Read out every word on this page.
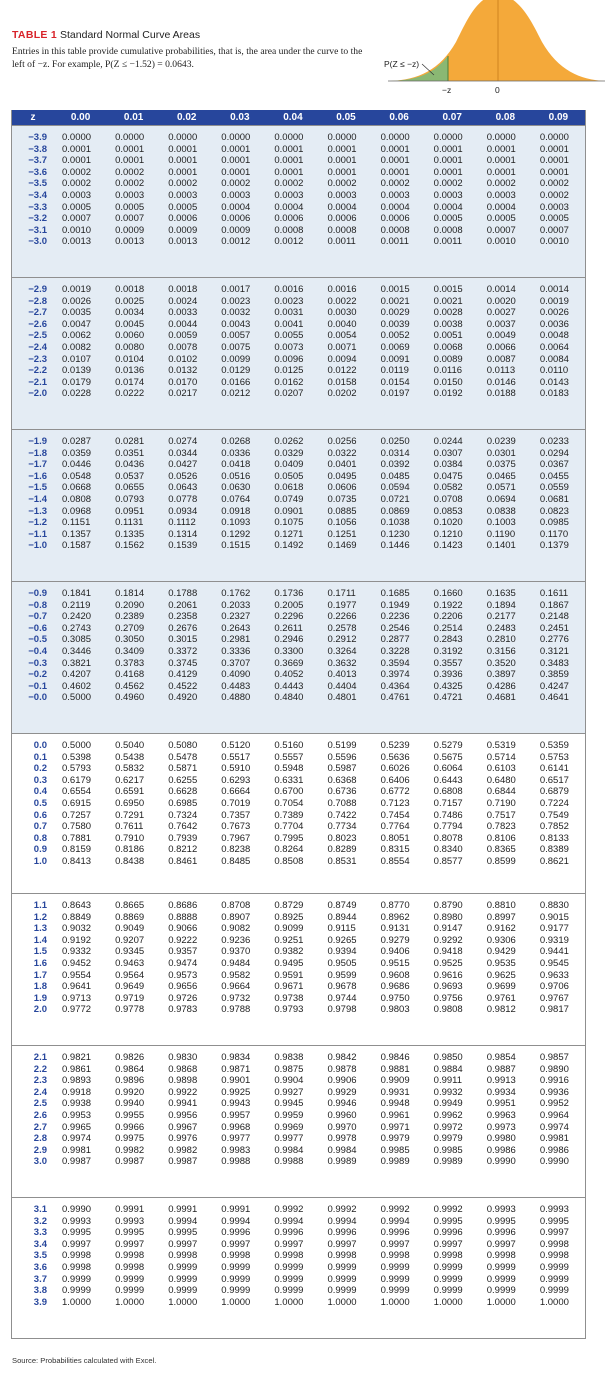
TABLE 1 Standard Normal Curve Areas
Entries in this table provide cumulative probabilities, that is, the area under the curve to the left of −z. For example, P(Z ≤ −1.52) = 0.0643.	P(Z ≤ −z)
−z	0
z	0.00	0.01	0.02	0.03	0.04	0.05	0.06	0.07	0.08	0.09
−3.9	0.0000	0.0000	0.0000	0.0000	0.0000	0.0000	0.0000	0.0000	0.0000	0.0000
−3.8	0.0001	0.0001	0.0001	0.0001	0.0001	0.0001	0.0001	0.0001	0.0001	0.0001
−3.7	0.0001	0.0001	0.0001	0.0001	0.0001	0.0001	0.0001	0.0001	0.0001	0.0001
−3.6	0.0002	0.0002	0.0001	0.0001	0.0001	0.0001	0.0001	0.0001	0.0001	0.0001
−3.5	0.0002	0.0002	0.0002	0.0002	0.0002	0.0002	0.0002	0.0002	0.0002	0.0002
−3.4	0.0003	0.0003	0.0003	0.0003	0.0003	0.0003	0.0003	0.0003	0.0003	0.0002
−3.3	0.0005	0.0005	0.0005	0.0004	0.0004	0.0004	0.0004	0.0004	0.0004	0.0003
−3.2	0.0007	0.0007	0.0006	0.0006	0.0006	0.0006	0.0006	0.0005	0.0005	0.0005
−3.1	0.0010	0.0009	0.0009	0.0009	0.0008	0.0008	0.0008	0.0008	0.0007	0.0007
−3.0	0.0013	0.0013	0.0013	0.0012	0.0012	0.0011	0.0011	0.0011	0.0010	0.0010
−2.9	0.0019	0.0018	0.0018	0.0017	0.0016	0.0016	0.0015	0.0015	0.0014	0.0014
−2.8	0.0026	0.0025	0.0024	0.0023	0.0023	0.0022	0.0021	0.0021	0.0020	0.0019
−2.7	0.0035	0.0034	0.0033	0.0032	0.0031	0.0030	0.0029	0.0028	0.0027	0.0026
−2.6	0.0047	0.0045	0.0044	0.0043	0.0041	0.0040	0.0039	0.0038	0.0037	0.0036
−2.5	0.0062	0.0060	0.0059	0.0057	0.0055	0.0054	0.0052	0.0051	0.0049	0.0048
−2.4	0.0082	0.0080	0.0078	0.0075	0.0073	0.0071	0.0069	0.0068	0.0066	0.0064
−2.3	0.0107	0.0104	0.0102	0.0099	0.0096	0.0094	0.0091	0.0089	0.0087	0.0084
−2.2	0.0139	0.0136	0.0132	0.0129	0.0125	0.0122	0.0119	0.0116	0.0113	0.0110
−2.1	0.0179	0.0174	0.0170	0.0166	0.0162	0.0158	0.0154	0.0150	0.0146	0.0143
−2.0	0.0228	0.0222	0.0217	0.0212	0.0207	0.0202	0.0197	0.0192	0.0188	0.0183
−1.9	0.0287	0.0281	0.0274	0.0268	0.0262	0.0256	0.0250	0.0244	0.0239	0.0233
−1.8	0.0359	0.0351	0.0344	0.0336	0.0329	0.0322	0.0314	0.0307	0.0301	0.0294
−1.7	0.0446	0.0436	0.0427	0.0418	0.0409	0.0401	0.0392	0.0384	0.0375	0.0367
−1.6	0.0548	0.0537	0.0526	0.0516	0.0505	0.0495	0.0485	0.0475	0.0465	0.0455
−1.5	0.0668	0.0655	0.0643	0.0630	0.0618	0.0606	0.0594	0.0582	0.0571	0.0559
−1.4	0.0808	0.0793	0.0778	0.0764	0.0749	0.0735	0.0721	0.0708	0.0694	0.0681
−1.3	0.0968	0.0951	0.0934	0.0918	0.0901	0.0885	0.0869	0.0853	0.0838	0.0823
−1.2	0.1151	0.1131	0.1112	0.1093	0.1075	0.1056	0.1038	0.1020	0.1003	0.0985
−1.1	0.1357	0.1335	0.1314	0.1292	0.1271	0.1251	0.1230	0.1210	0.1190	0.1170
−1.0	0.1587	0.1562	0.1539	0.1515	0.1492	0.1469	0.1446	0.1423	0.1401	0.1379
−0.9	0.1841	0.1814	0.1788	0.1762	0.1736	0.1711	0.1685	0.1660	0.1635	0.1611
−0.8	0.2119	0.2090	0.2061	0.2033	0.2005	0.1977	0.1949	0.1922	0.1894	0.1867
−0.7	0.2420	0.2389	0.2358	0.2327	0.2296	0.2266	0.2236	0.2206	0.2177	0.2148
−0.6	0.2743	0.2709	0.2676	0.2643	0.2611	0.2578	0.2546	0.2514	0.2483	0.2451
−0.5	0.3085	0.3050	0.3015	0.2981	0.2946	0.2912	0.2877	0.2843	0.2810	0.2776
−0.4	0.3446	0.3409	0.3372	0.3336	0.3300	0.3264	0.3228	0.3192	0.3156	0.3121
−0.3	0.3821	0.3783	0.3745	0.3707	0.3669	0.3632	0.3594	0.3557	0.3520	0.3483
−0.2	0.4207	0.4168	0.4129	0.4090	0.4052	0.4013	0.3974	0.3936	0.3897	0.3859
−0.1	0.4602	0.4562	0.4522	0.4483	0.4443	0.4404	0.4364	0.4325	0.4286	0.4247
−0.0	0.5000	0.4960	0.4920	0.4880	0.4840	0.4801	0.4761	0.4721	0.4681	0.4641
0.0	0.5000	0.5040	0.5080	0.5120	0.5160	0.5199	0.5239	0.5279	0.5319	0.5359
0.1	0.5398	0.5438	0.5478	0.5517	0.5557	0.5596	0.5636	0.5675	0.5714	0.5753
0.2	0.5793	0.5832	0.5871	0.5910	0.5948	0.5987	0.6026	0.6064	0.6103	0.6141
0.3	0.6179	0.6217	0.6255	0.6293	0.6331	0.6368	0.6406	0.6443	0.6480	0.6517
0.4	0.6554	0.6591	0.6628	0.6664	0.6700	0.6736	0.6772	0.6808	0.6844	0.6879
0.5	0.6915	0.6950	0.6985	0.7019	0.7054	0.7088	0.7123	0.7157	0.7190	0.7224
0.6	0.7257	0.7291	0.7324	0.7357	0.7389	0.7422	0.7454	0.7486	0.7517	0.7549
0.7	0.7580	0.7611	0.7642	0.7673	0.7704	0.7734	0.7764	0.7794	0.7823	0.7852
0.8	0.7881	0.7910	0.7939	0.7967	0.7995	0.8023	0.8051	0.8078	0.8106	0.8133
0.9	0.8159	0.8186	0.8212	0.8238	0.8264	0.8289	0.8315	0.8340	0.8365	0.8389
1.0	0.8413	0.8438	0.8461	0.8485	0.8508	0.8531	0.8554	0.8577	0.8599	0.8621
1.1	0.8643	0.8665	0.8686	0.8708	0.8729	0.8749	0.8770	0.8790	0.8810	0.8830
1.2	0.8849	0.8869	0.8888	0.8907	0.8925	0.8944	0.8962	0.8980	0.8997	0.9015
1.3	0.9032	0.9049	0.9066	0.9082	0.9099	0.9115	0.9131	0.9147	0.9162	0.9177
1.4	0.9192	0.9207	0.9222	0.9236	0.9251	0.9265	0.9279	0.9292	0.9306	0.9319
1.5	0.9332	0.9345	0.9357	0.9370	0.9382	0.9394	0.9406	0.9418	0.9429	0.9441
1.6	0.9452	0.9463	0.9474	0.9484	0.9495	0.9505	0.9515	0.9525	0.9535	0.9545
1.7	0.9554	0.9564	0.9573	0.9582	0.9591	0.9599	0.9608	0.9616	0.9625	0.9633
1.8	0.9641	0.9649	0.9656	0.9664	0.9671	0.9678	0.9686	0.9693	0.9699	0.9706
1.9	0.9713	0.9719	0.9726	0.9732	0.9738	0.9744	0.9750	0.9756	0.9761	0.9767
2.0	0.9772	0.9778	0.9783	0.9788	0.9793	0.9798	0.9803	0.9808	0.9812	0.9817
2.1	0.9821	0.9826	0.9830	0.9834	0.9838	0.9842	0.9846	0.9850	0.9854	0.9857
2.2	0.9861	0.9864	0.9868	0.9871	0.9875	0.9878	0.9881	0.9884	0.9887	0.9890
2.3	0.9893	0.9896	0.9898	0.9901	0.9904	0.9906	0.9909	0.9911	0.9913	0.9916
2.4	0.9918	0.9920	0.9922	0.9925	0.9927	0.9929	0.9931	0.9932	0.9934	0.9936
2.5	0.9938	0.9940	0.9941	0.9943	0.9945	0.9946	0.9948	0.9949	0.9951	0.9952
2.6	0.9953	0.9955	0.9956	0.9957	0.9959	0.9960	0.9961	0.9962	0.9963	0.9964
2.7	0.9965	0.9966	0.9967	0.9968	0.9969	0.9970	0.9971	0.9972	0.9973	0.9974
2.8	0.9974	0.9975	0.9976	0.9977	0.9977	0.9978	0.9979	0.9979	0.9980	0.9981
2.9	0.9981	0.9982	0.9982	0.9983	0.9984	0.9984	0.9985	0.9985	0.9986	0.9986
3.0	0.9987	0.9987	0.9987	0.9988	0.9988	0.9989	0.9989	0.9989	0.9990	0.9990
3.1	0.9990	0.9991	0.9991	0.9991	0.9992	0.9992	0.9992	0.9992	0.9993	0.9993
3.2	0.9993	0.9993	0.9994	0.9994	0.9994	0.9994	0.9994	0.9995	0.9995	0.9995
3.3	0.9995	0.9995	0.9995	0.9996	0.9996	0.9996	0.9996	0.9996	0.9996	0.9997
3.4	0.9997	0.9997	0.9997	0.9997	0.9997	0.9997	0.9997	0.9997	0.9997	0.9998
3.5	0.9998	0.9998	0.9998	0.9998	0.9998	0.9998	0.9998	0.9998	0.9998	0.9998
3.6	0.9998	0.9998	0.9999	0.9999	0.9999	0.9999	0.9999	0.9999	0.9999	0.9999
3.7	0.9999	0.9999	0.9999	0.9999	0.9999	0.9999	0.9999	0.9999	0.9999	0.9999
3.8	0.9999	0.9999	0.9999	0.9999	0.9999	0.9999	0.9999	0.9999	0.9999	0.9999
3.9	1.0000	1.0000	1.0000	1.0000	1.0000	1.0000	1.0000	1.0000	1.0000	1.0000
Source: Probabilities calculated with Excel.
